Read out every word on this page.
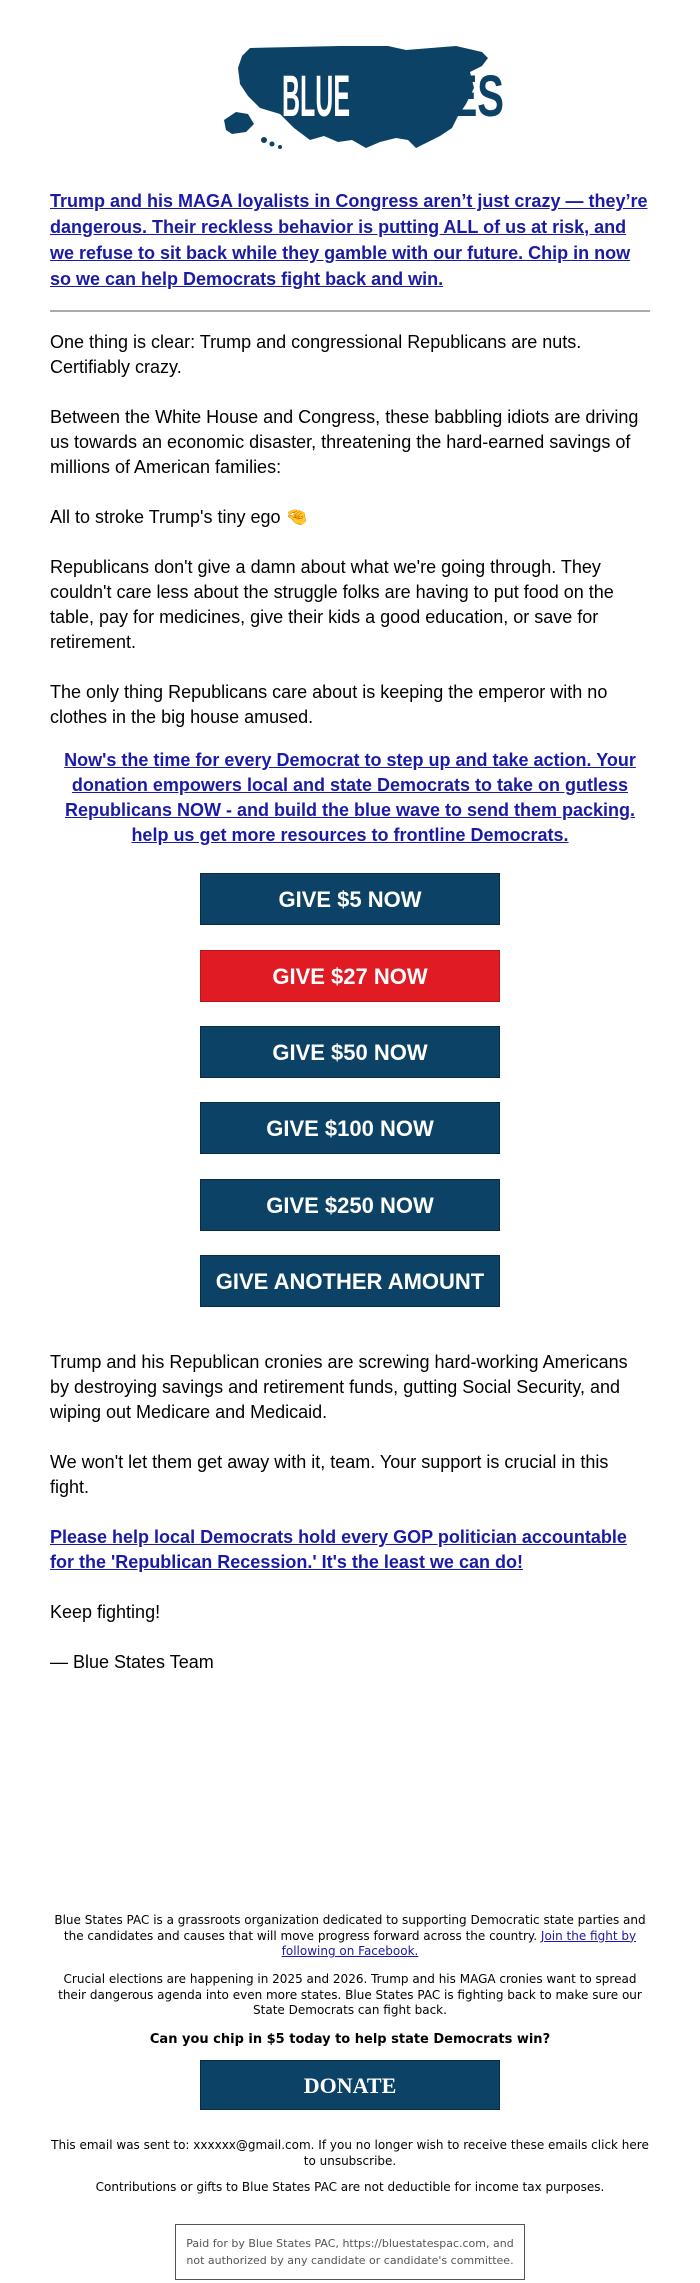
BLUE STATES
Trump and his MAGA loyalists in Congress aren’t just crazy — they’re dangerous. Their reckless behavior is putting ALL of us at risk, and we refuse to sit back while they gamble with our future. Chip in now so we can help Democrats fight back and win.
One thing is clear: Trump and congressional Republicans are nuts. Certifiably crazy.
Between the White House and Congress, these babbling idiots are driving us towards an economic disaster, threatening the hard-earned savings of millions of American families:
All to stroke Trump's tiny ego 🤏
Republicans don't give a damn about what we're going through. They couldn't care less about the struggle folks are having to put food on the table, pay for medicines, give their kids a good education, or save for retirement.
The only thing Republicans care about is keeping the emperor with no clothes in the big house amused.
Now's the time for every Democrat to step up and take action. Your donation empowers local and state Democrats to take on gutless Republicans NOW - and build the blue wave to send them packing. help us get more resources to frontline Democrats.
GIVE $5 NOW
GIVE $27 NOW
GIVE $50 NOW
GIVE $100 NOW
GIVE $250 NOW
GIVE ANOTHER AMOUNT
Trump and his Republican cronies are screwing hard-working Americans by destroying savings and retirement funds, gutting Social Security, and wiping out Medicare and Medicaid.
We won't let them get away with it, team. Your support is crucial in this fight.
Please help local Democrats hold every GOP politician accountable for the 'Republican Recession.' It's the least we can do!
Keep fighting!
— Blue States Team
Blue States PAC is a grassroots organization dedicated to supporting Democratic state parties and the candidates and causes that will move progress forward across the country. Join the fight by following on Facebook.
Crucial elections are happening in 2025 and 2026. Trump and his MAGA cronies want to spread their dangerous agenda into even more states. Blue States PAC is fighting back to make sure our State Democrats can fight back.
Can you chip in $5 today to help state Democrats win?
DONATE
This email was sent to: xxxxxx@gmail.com. If you no longer wish to receive these emails click here to unsubscribe.
Contributions or gifts to Blue States PAC are not deductible for income tax purposes.
Paid for by Blue States PAC, https://bluestatespac.com, and not authorized by any candidate or candidate's committee.
